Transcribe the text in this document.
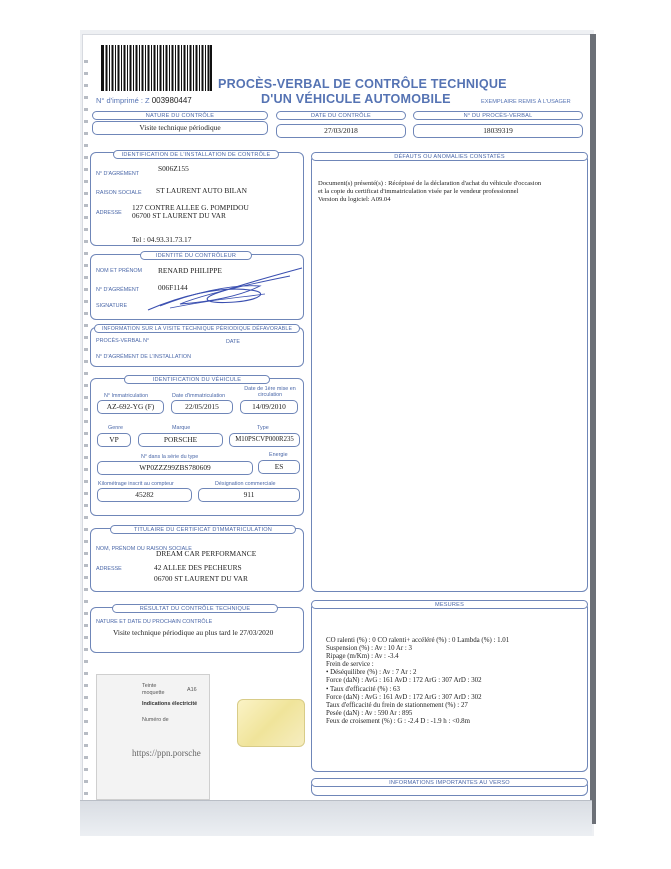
N° d'imprimé : Z 003980447
PROCÈS-VERBAL DE CONTRÔLE TECHNIQUE
D'UN VÉHICULE AUTOMOBILE	EXEMPLAIRE REMIS À L'USAGER
NATURE DU CONTRÔLE
Visite technique périodique
DATE DU CONTRÔLE
27/03/2018
N° DU PROCÈS-VERBAL
18039319
IDENTIFICATION DE L'INSTALLATION DE CONTRÔLE
N° D'AGRÉMENT
S006Z155
RAISON SOCIALE ST LAURENT AUTO BILAN
ADRESSE
127 CONTRE ALLEE G. POMPIDOU
06700 ST LAURENT DU VAR
Tel : 04.93.31.73.17
DÉFAUTS OU ANOMALIES CONSTATÉS
Document(s) présenté(s) : Récépissé de la déclaration d'achat du véhicule d'occasion
et la copie du certificat d'immatriculation visée par le vendeur professionnel
Version du logiciel: A09.04
IDENTITÉ DU CONTRÔLEUR
NOM ET PRÉNOM RENARD PHILIPPE
N° D'AGRÉMENT	006F1144
SIGNATURE
INFORMATION SUR LA VISITE TECHNIQUE PÉRIODIQUE DÉFAVORABLE
PROCÈS-VERBAL N°	DATE
N° D'AGRÉMENT DE L'INSTALLATION
IDENTIFICATION DU VÉHICULE
N° Immatriculation
AZ-692-YG (F)
Date d'immatriculation
22/05/2015
Date de 1ère mise en circulation
14/09/2010
Genre
VP
Marque
PORSCHE
Type
M10PSCVP000R235
N° dans la série du type
WP0ZZZ99ZBS780609
Energie
ES
Kilométrage inscrit au compteur
45282
Désignation commerciale
911
TITULAIRE DU CERTIFICAT D'IMMATRICULATION
NOM, PRÉNOM OU RAISON SOCIALE
DREAM CAR PERFORMANCE
ADRESSE	42 ALLEE DES PECHEURS
06700 ST LAURENT DU VAR
RÉSULTAT DU CONTRÔLE TECHNIQUE
NATURE ET DATE DU PROCHAIN CONTRÔLE
Visite technique périodique au plus tard le 27/03/2020
MESURES
CO ralenti (%) : 0 CO ralenti+ accéléré (%) : 0 Lambda (%) : 1.01
Suspension (%) : Av : 10 Ar : 3
Ripage (m/Km) : Av : -3.4
Frein de service :
• Déséquilibre (%) : Av : 7 Ar : 2
Force (daN) : AvG : 161 AvD : 172 ArG : 307 ArD : 302
• Taux d'efficacité (%) : 63
Force (daN) : AvG : 161 AvD : 172 ArG : 307 ArD : 302
Taux d'efficacité du frein de stationnement (%) : 27
Pesée (daN) : Av : 590 Ar : 895
Feux de croisement (%) : G : -2.4 D : -1.9 h : <0.8m
INFORMATIONS IMPORTANTES AU VERSO
Teinte
moquette	A16
Indications électricité
Numéro de
https://ppn.porsche
